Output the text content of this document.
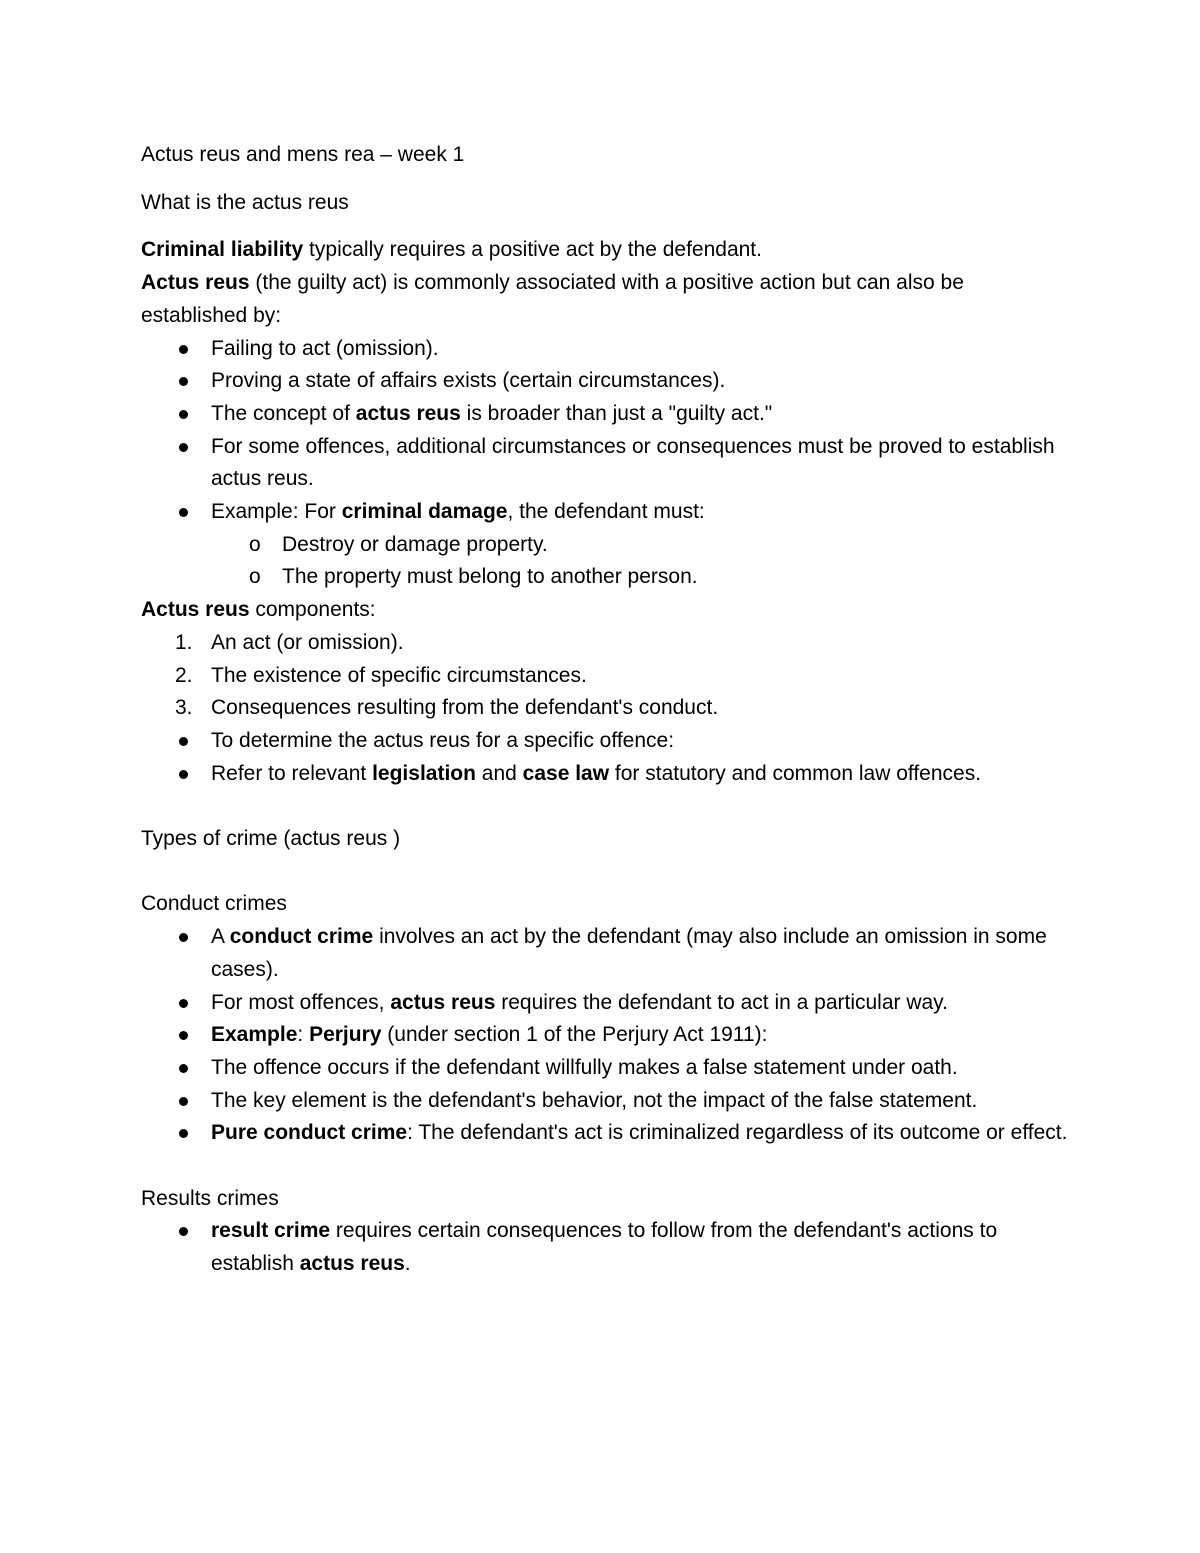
Actus reus and mens rea – week 1

What is the actus reus

Criminal liability typically requires a positive act by the defendant.

Actus reus (the guilty act) is commonly associated with a positive action but can also be established by:

Failing to act (omission).
Proving a state of affairs exists (certain circumstances).
The concept of actus reus is broader than just a "guilty act."
For some offences, additional circumstances or consequences must be proved to establish actus reus.
Example: For criminal damage, the defendant must:
o Destroy or damage property.
o The property must belong to another person.

Actus reus components:

1. An act (or omission).
2. The existence of specific circumstances.
3. Consequences resulting from the defendant's conduct.
To determine the actus reus for a specific offence:
Refer to relevant legislation and case law for statutory and common law offences.

Types of crime (actus reus )

Conduct crimes

A conduct crime involves an act by the defendant (may also include an omission in some cases).
For most offences, actus reus requires the defendant to act in a particular way.
Example: Perjury (under section 1 of the Perjury Act 1911):
The offence occurs if the defendant willfully makes a false statement under oath.
The key element is the defendant's behavior, not the impact of the false statement.
Pure conduct crime: The defendant's act is criminalized regardless of its outcome or effect.

Results crimes

result crime requires certain consequences to follow from the defendant's actions to establish actus reus.
